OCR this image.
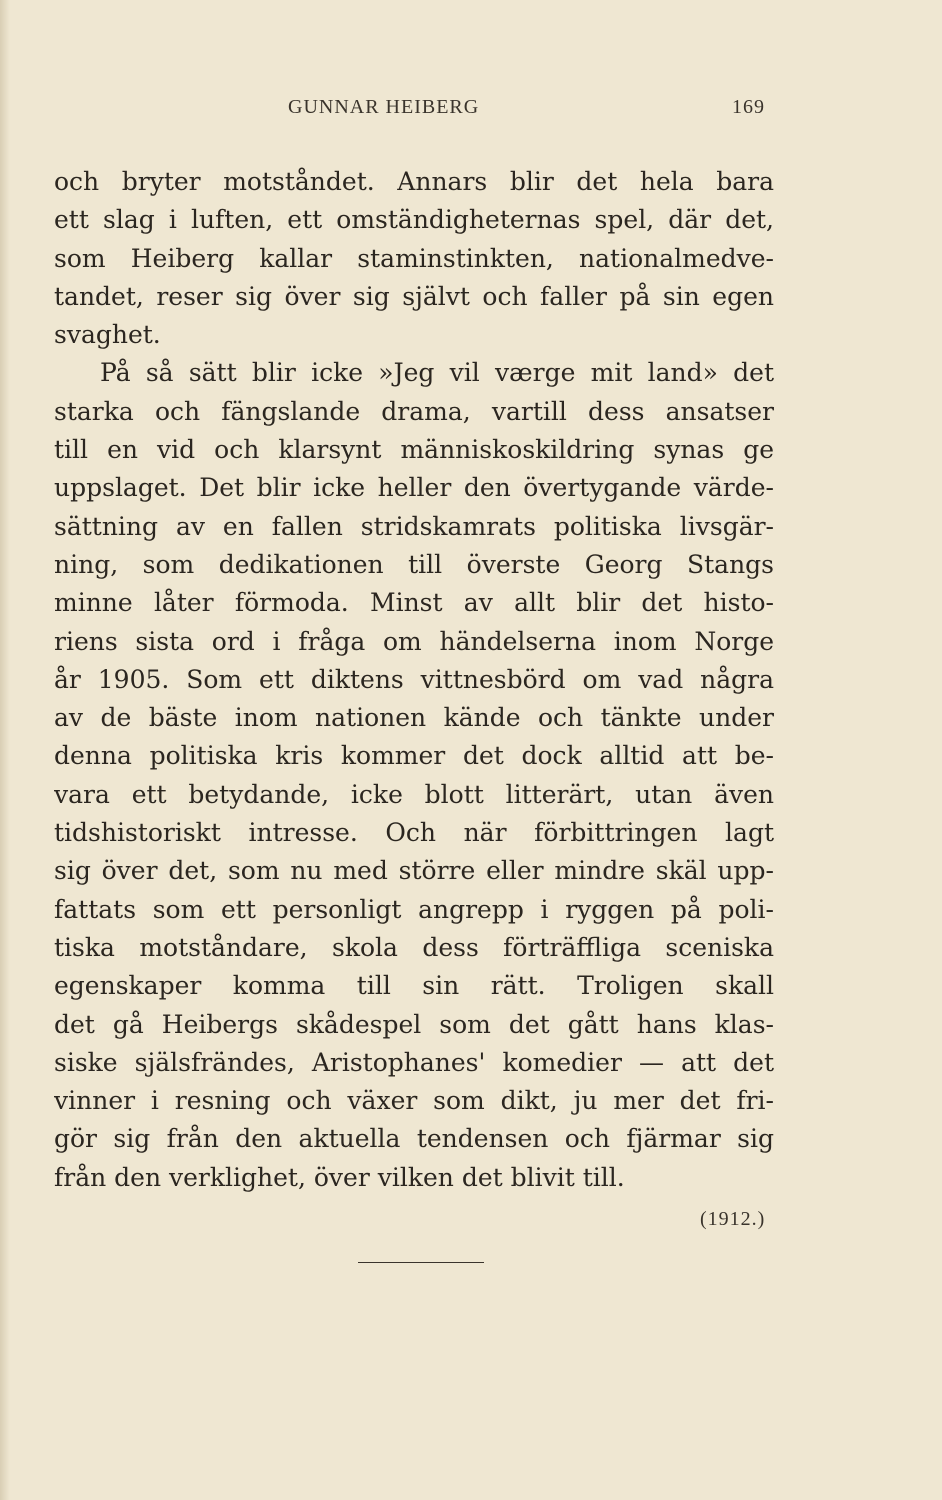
GUNNAR HEIBERG	169
och bryter motståndet. Annars blir det hela bara
ett slag i luften, ett omständigheternas spel, där det,
som Heiberg kallar staminstinkten, nationalmedve-
tandet, reser sig över sig självt och faller på sin egen
svaghet.
På så sätt blir icke »Jeg vil værge mit land» det
starka och fängslande drama, vartill dess ansatser
till en vid och klarsynt människoskildring synas ge
uppslaget. Det blir icke heller den övertygande värde-
sättning av en fallen stridskamrats politiska livsgär-
ning, som dedikationen till överste Georg Stangs
minne låter förmoda. Minst av allt blir det histo-
riens sista ord i fråga om händelserna inom Norge
år 1905. Som ett diktens vittnesbörd om vad några
av de bäste inom nationen kände och tänkte under
denna politiska kris kommer det dock alltid att be-
vara ett betydande, icke blott litterärt, utan även
tidshistoriskt intresse. Och när förbittringen lagt
sig över det, som nu med större eller mindre skäl upp-
fattats som ett personligt angrepp i ryggen på poli-
tiska motståndare, skola dess förträffliga sceniska
egenskaper komma till sin rätt. Troligen skall
det gå Heibergs skådespel som det gått hans klas-
siske själsfrändes, Aristophanes' komedier — att det
vinner i resning och växer som dikt, ju mer det fri-
gör sig från den aktuella tendensen och fjärmar sig
från den verklighet, över vilken det blivit till.
(1912.)
